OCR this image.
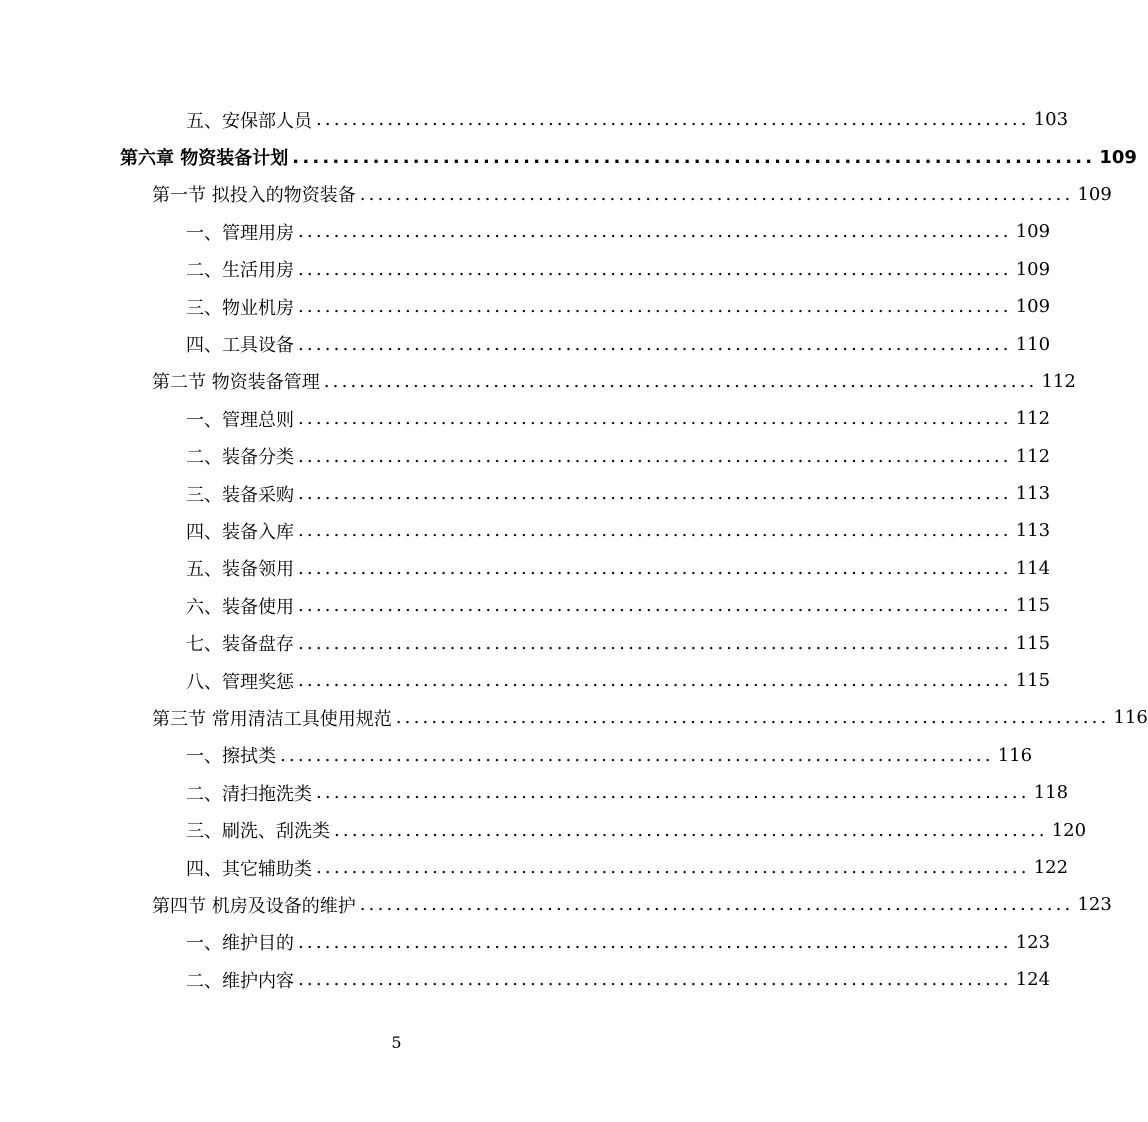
五、安保部人员 ................................................................................ 103
第六章 物资装备计划 ................................................................................ 109
第一节 拟投入的物资装备 ................................................................................ 109
一、管理用房 ................................................................................ 109
二、生活用房 ................................................................................ 109
三、物业机房 ................................................................................ 109
四、工具设备 ................................................................................ 110
第二节 物资装备管理 ................................................................................ 112
一、管理总则 ................................................................................ 112
二、装备分类 ................................................................................ 112
三、装备采购 ................................................................................ 113
四、装备入库 ................................................................................ 113
五、装备领用 ................................................................................ 114
六、装备使用 ................................................................................ 115
七、装备盘存 ................................................................................ 115
八、管理奖惩 ................................................................................ 115
第三节 常用清洁工具使用规范 ................................................................................ 116
一、擦拭类 ................................................................................ 116
二、清扫拖洗类 ................................................................................ 118
三、刷洗、刮洗类 ................................................................................ 120
四、其它辅助类 ................................................................................ 122
第四节 机房及设备的维护 ................................................................................ 123
一、维护目的 ................................................................................ 123
二、维护内容 ................................................................................ 124
5
